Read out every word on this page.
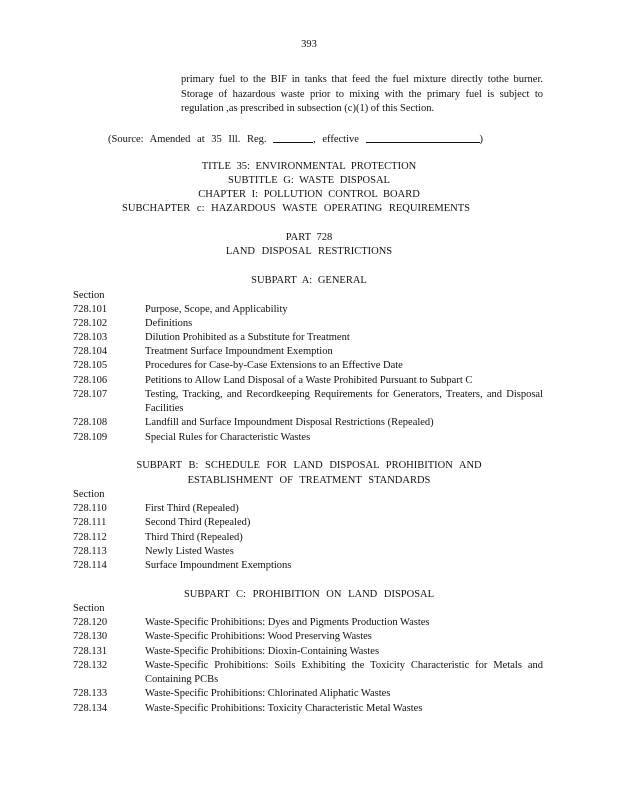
393
primary fuel to the BIF in tanks that feed the fuel mixture directly tothe burner. Storage of hazardous waste prior to mixing with the primary fuel is subject to regulation ,as prescribed in subsection (c)(1) of this Section.
(Source: Amended at 35 Ill. Reg.	, effective	)
TITLE 35: ENVIRONMENTAL PROTECTION
SUBTITLE G: WASTE DISPOSAL
CHAPTER I: POLLUTION CONTROL BOARD
SUBCHAPTER c: HAZARDOUS WASTE OPERATING REQUIREMENTS
PART 728
LAND DISPOSAL RESTRICTIONS
SUBPART A: GENERAL
Section
728.101	Purpose, Scope, and Applicability
728.102	Definitions
728.103	Dilution Prohibited as a Substitute for Treatment
728.104	Treatment Surface Impoundment Exemption
728.105	Procedures for Case-by-Case Extensions to an Effective Date
728.106	Petitions to Allow Land Disposal of a Waste Prohibited Pursuant to Subpart C
728.107	Testing, Tracking, and Recordkeeping Requirements for Generators, Treaters, and Disposal Facilities
728.108	Landfill and Surface Impoundment Disposal Restrictions (Repealed)
728.109	Special Rules for Characteristic Wastes
SUBPART B: SCHEDULE FOR LAND DISPOSAL PROHIBITION AND
ESTABLISHMENT OF TREATMENT STANDARDS
Section
728.110	First Third (Repealed)
728.111	Second Third (Repealed)
728.112	Third Third (Repealed)
728.113	Newly Listed Wastes
728.114	Surface Impoundment Exemptions
SUBPART C: PROHIBITION ON LAND DISPOSAL
Section
728.120	Waste-Specific Prohibitions: Dyes and Pigments Production Wastes
728.130	Waste-Specific Prohibitions: Wood Preserving Wastes
728.131	Waste-Specific Prohibitions: Dioxin-Containing Wastes
728.132	Waste-Specific Prohibitions: Soils Exhibiting the Toxicity Characteristic for Metals and Containing PCBs
728.133	Waste-Specific Prohibitions: Chlorinated Aliphatic Wastes
728.134	Waste-Specific Prohibitions: Toxicity Characteristic Metal Wastes
